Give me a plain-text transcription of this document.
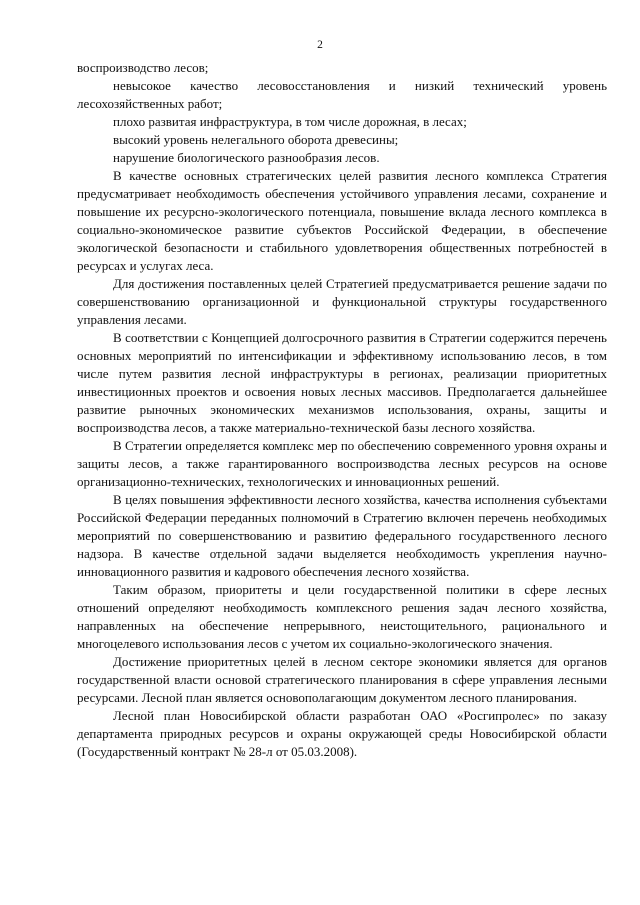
2

воспроизводство лесов;

невысокое качество лесовосстановления и низкий технический уровень лесохозяйственных работ;

плохо развитая инфраструктура, в том числе дорожная, в лесах;

высокий уровень нелегального оборота древесины;

нарушение биологического разнообразия лесов.

В качестве основных стратегических целей развития лесного комплекса Стратегия предусматривает необходимость обеспечения устойчивого управления лесами, сохранение и повышение их ресурсно-экологического потенциала, повышение вклада лесного комплекса в социально-экономическое развитие субъектов Российской Федерации, в обеспечение экологической безопасности и стабильного удовлетворения общественных потребностей в ресурсах и услугах леса.

Для достижения поставленных целей Стратегией предусматривается решение задачи по совершенствованию организационной и функциональной структуры государственного управления лесами.

В соответствии с Концепцией долгосрочного развития в Стратегии содержится перечень основных мероприятий по интенсификации и эффективному использованию лесов, в том числе путем развития лесной инфраструктуры в регионах, реализации приоритетных инвестиционных проектов и освоения новых лесных массивов. Предполагается дальнейшее развитие рыночных экономических механизмов использования, охраны, защиты и воспроизводства лесов, а также материально-технической базы лесного хозяйства.

В Стратегии определяется комплекс мер по обеспечению современного уровня охраны и защиты лесов, а также гарантированного воспроизводства лесных ресурсов на основе организационно-технических, технологических и инновационных решений.

В целях повышения эффективности лесного хозяйства, качества исполнения субъектами Российской Федерации переданных полномочий в Стратегию включен перечень необходимых мероприятий по совершенствованию и развитию федерального государственного лесного надзора. В качестве отдельной задачи выделяется необходимость укрепления научно-инновационного развития и кадрового обеспечения лесного хозяйства.

Таким образом, приоритеты и цели государственной политики в сфере лесных отношений определяют необходимость комплексного решения задач лесного хозяйства, направленных на обеспечение непрерывного, неистощительного, рационального и многоцелевого использования лесов с учетом их социально-экологического значения.

Достижение приоритетных целей в лесном секторе экономики является для органов государственной власти основой стратегического планирования в сфере управления лесными ресурсами. Лесной план является основополагающим документом лесного планирования.

Лесной план Новосибирской области разработан ОАО «Росгипролес» по заказу департамента природных ресурсов и охраны окружающей среды Новосибирской области (Государственный контракт № 28-л от 05.03.2008).
